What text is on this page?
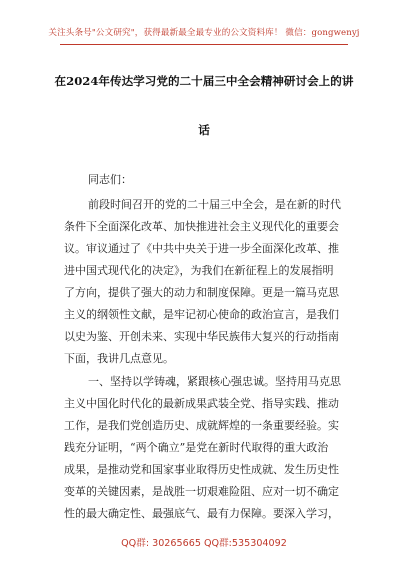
关注头条号"公文研究"，获得最新最全最专业的公文资料库！ 微信：gongwenyj
在2024年传达学习党的二十届三中全会精神研讨会上的讲
话
同志们：
前段时间召开的党的二十届三中全会，是在新的时代
条件下全面深化改革、加快推进社会主义现代化的重要会
议。审议通过了《中共中央关于进一步全面深化改革、推
进中国式现代化的决定》，为我们在新征程上的发展指明
了方向，提供了强大的动力和制度保障。更是一篇马克思
主义的纲领性文献，是牢记初心使命的政治宣言，是我们
以史为鉴、开创未来、实现中华民族伟大复兴的行动指南
下面，我讲几点意见。
一、坚持以学铸魂，紧跟核心强忠诚。坚持用马克思
主义中国化时代化的最新成果武装全党、指导实践、推动
工作，是我们党创造历史、成就辉煌的一条重要经验。实
践充分证明，“两个确立”是党在新时代取得的重大政治
成果，是推动党和国家事业取得历史性成就、发生历史性
变革的关键因素，是战胜一切艰难险阻、应对一切不确定
性的最大确定性、最强底气、最有力保障。要深入学习，
QQ群: 30265665 QQ群:535304092
